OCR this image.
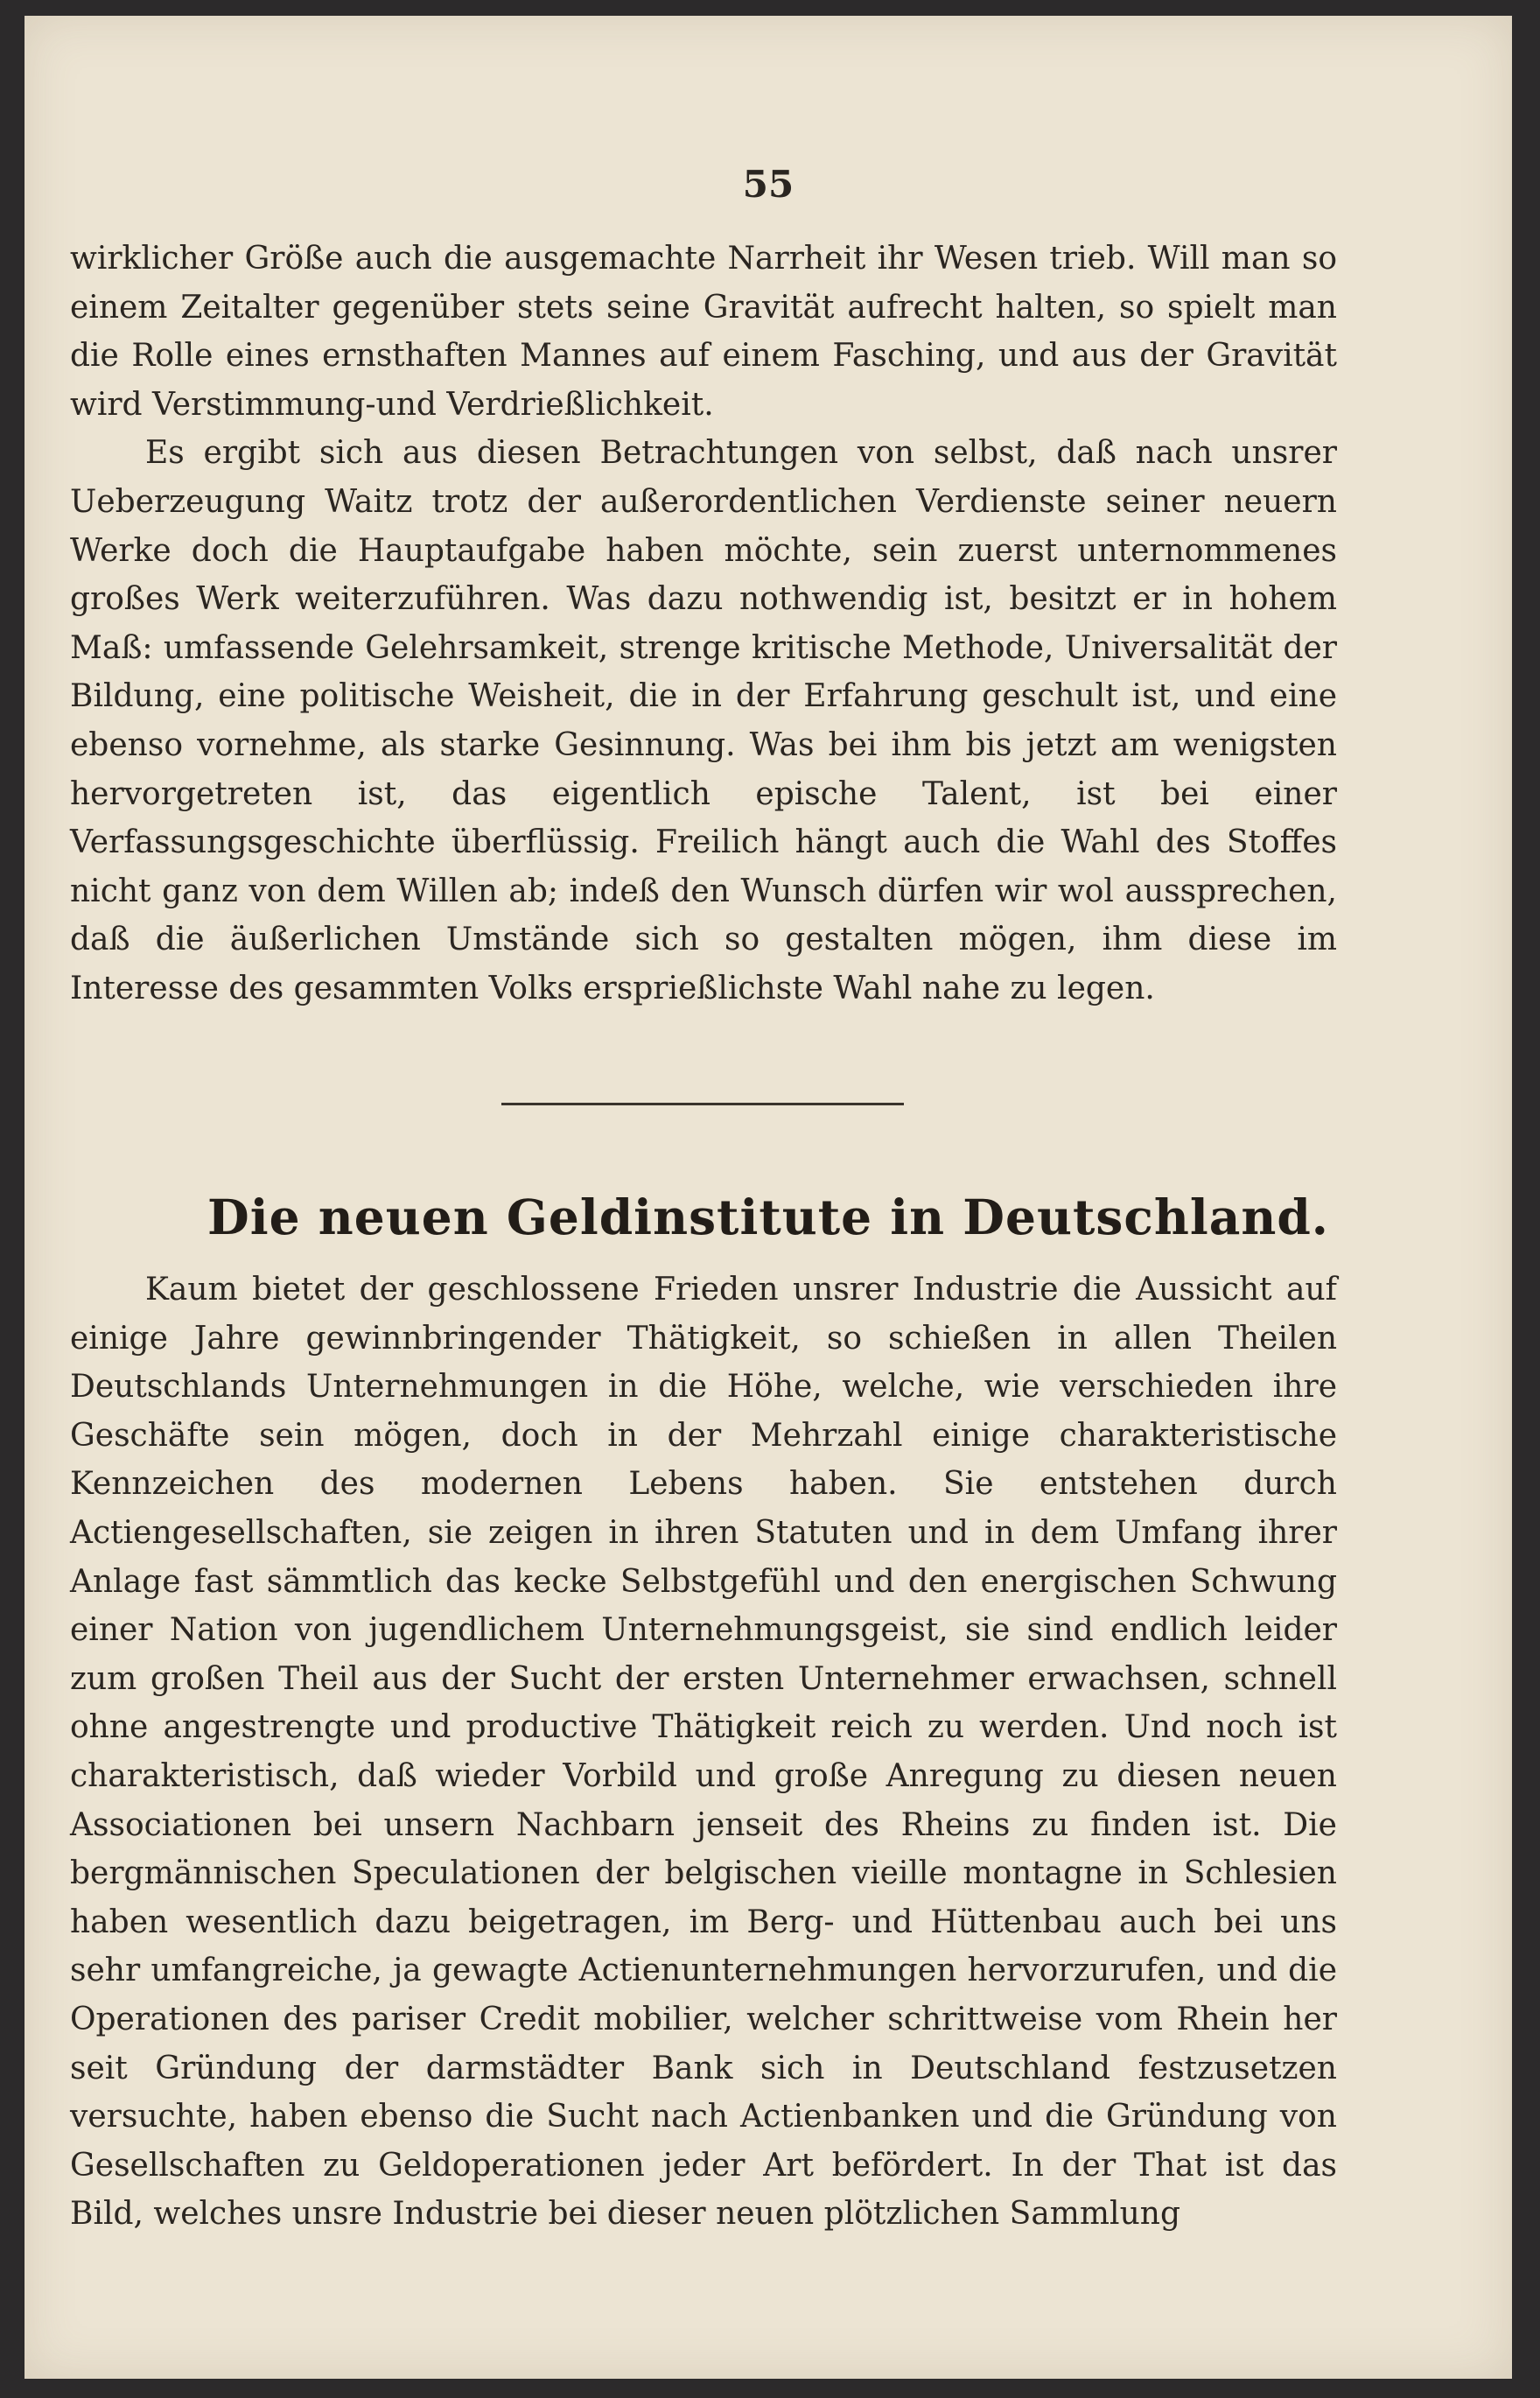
55

wirklicher Größe auch die ausgemachte Narrheit ihr Wesen trieb. Will man so einem Zeitalter gegenüber stets seine Gravität aufrecht halten, so spielt man die Rolle eines ernsthaften Mannes auf einem Fasching, und aus der Gravität wird Verstimmung-und Verdrießlichkeit.

Es ergibt sich aus diesen Betrachtungen von selbst, daß nach unsrer Ueberzeugung Waitz trotz der außerordentlichen Verdienste seiner neuern Werke doch die Hauptaufgabe haben möchte, sein zuerst unternommenes großes Werk weiterzuführen. Was dazu nothwendig ist, besitzt er in hohem Maß: umfassende Gelehrsamkeit, strenge kritische Methode, Universalität der Bildung, eine politische Weisheit, die in der Erfahrung geschult ist, und eine ebenso vornehme, als starke Gesinnung. Was bei ihm bis jetzt am wenigsten hervorgetreten ist, das eigentlich epische Talent, ist bei einer Verfassungsgeschichte überflüssig. Freilich hängt auch die Wahl des Stoffes nicht ganz von dem Willen ab; indeß den Wunsch dürfen wir wol aussprechen, daß die äußerlichen Umstände sich so gestalten mögen, ihm diese im Interesse des gesammten Volks ersprießlichste Wahl nahe zu legen.

Die neuen Geldinstitute in Deutschland.

Kaum bietet der geschlossene Frieden unsrer Industrie die Aussicht auf einige Jahre gewinnbringender Thätigkeit, so schießen in allen Theilen Deutschlands Unternehmungen in die Höhe, welche, wie verschieden ihre Geschäfte sein mögen, doch in der Mehrzahl einige charakteristische Kennzeichen des modernen Lebens haben. Sie entstehen durch Actiengesellschaften, sie zeigen in ihren Statuten und in dem Umfang ihrer Anlage fast sämmtlich das kecke Selbstgefühl und den energischen Schwung einer Nation von jugendlichem Unternehmungsgeist, sie sind endlich leider zum großen Theil aus der Sucht der ersten Unternehmer erwachsen, schnell ohne angestrengte und productive Thätigkeit reich zu werden. Und noch ist charakteristisch, daß wieder Vorbild und große Anregung zu diesen neuen Associationen bei unsern Nachbarn jenseit des Rheins zu finden ist. Die bergmännischen Speculationen der belgischen vieille montagne in Schlesien haben wesentlich dazu beigetragen, im Berg- und Hüttenbau auch bei uns sehr umfangreiche, ja gewagte Actienunternehmungen hervorzurufen, und die Operationen des pariser Credit mobilier, welcher schrittweise vom Rhein her seit Gründung der darmstädter Bank sich in Deutschland festzusetzen versuchte, haben ebenso die Sucht nach Actienbanken und die Gründung von Gesellschaften zu Geldoperationen jeder Art befördert. In der That ist das Bild, welches unsre Industrie bei dieser neuen plötzlichen Sammlung
